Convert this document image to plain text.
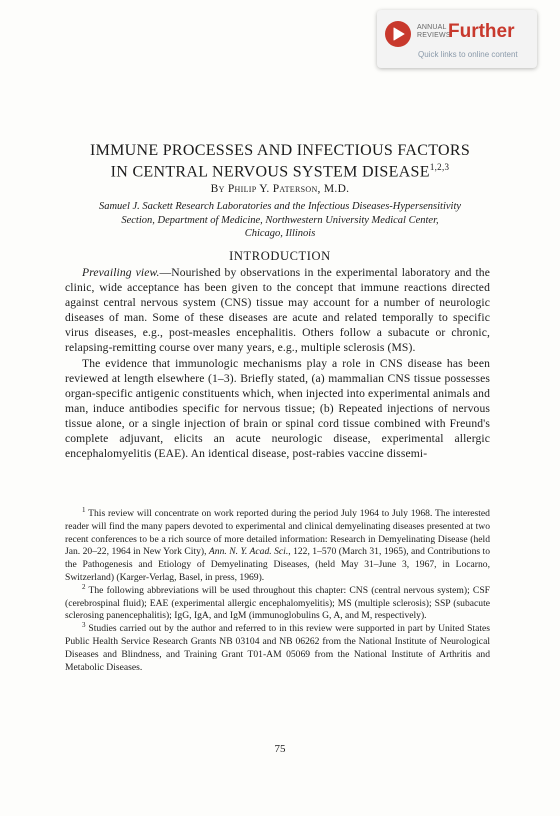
ANNUAL
REVIEWS
Further
Quick links to online content
IMMUNE PROCESSES AND INFECTIOUS FACTORS
IN CENTRAL NERVOUS SYSTEM DISEASE$^{1,2,3}$
By Philip Y. Paterson, M.D.
Samuel J. Sackett Research Laboratories and the Infectious Diseases-Hypersensitivity
Section, Department of Medicine, Northwestern University Medical Center,
Chicago, Illinois
INTRODUCTION

Prevailing view.—Nourished by observations in the experimental laboratory and the clinic, wide acceptance has been given to the concept that immune reactions directed against central nervous system (CNS) tissue may account for a number of neurologic diseases of man. Some of these diseases are acute and related temporally to specific virus diseases, e.g., post-measles encephalitis. Others follow a subacute or chronic, relapsing-remitting course over many years, e.g., multiple sclerosis (MS).

The evidence that immunologic mechanisms play a role in CNS disease has been reviewed at length elsewhere (1–3). Briefly stated, (a) mammalian CNS tissue possesses organ-specific antigenic constituents which, when injected into experimental animals and man, induce antibodies specific for nervous tissue; (b) Repeated injections of nervous tissue alone, or a single injection of brain or spinal cord tissue combined with Freund's complete adjuvant, elicits an acute neurologic disease, experimental allergic encephalomyelitis (EAE). An identical disease, post-rabies vaccine dissemi-

$^1$ This review will concentrate on work reported during the period July 1964 to July 1968. The interested reader will find the many papers devoted to experimental and clinical demyelinating diseases presented at two recent conferences to be a rich source of more detailed information: Research in Demyelinating Disease (held Jan. 20–22, 1964 in New York City), Ann. N. Y. Acad. Sci., 122, 1–570 (March 31, 1965), and Contributions to the Pathogenesis and Etiology of Demyelinating Diseases, (held May 31–June 3, 1967, in Locarno, Switzerland) (Karger-Verlag, Basel, in press, 1969).

$^2$ The following abbreviations will be used throughout this chapter: CNS (central nervous system); CSF (cerebrospinal fluid); EAE (experimental allergic encephalomyelitis); MS (multiple sclerosis); SSP (subacute sclerosing panencephalitis); IgG, IgA, and IgM (immunoglobulins G, A, and M, respectively).

$^3$ Studies carried out by the author and referred to in this review were supported in part by United States Public Health Service Research Grants NB 03104 and NB 06262 from the National Institute of Neurological Diseases and Blindness, and Training Grant T01-AM 05069 from the National Institute of Arthritis and Metabolic Diseases.

75
